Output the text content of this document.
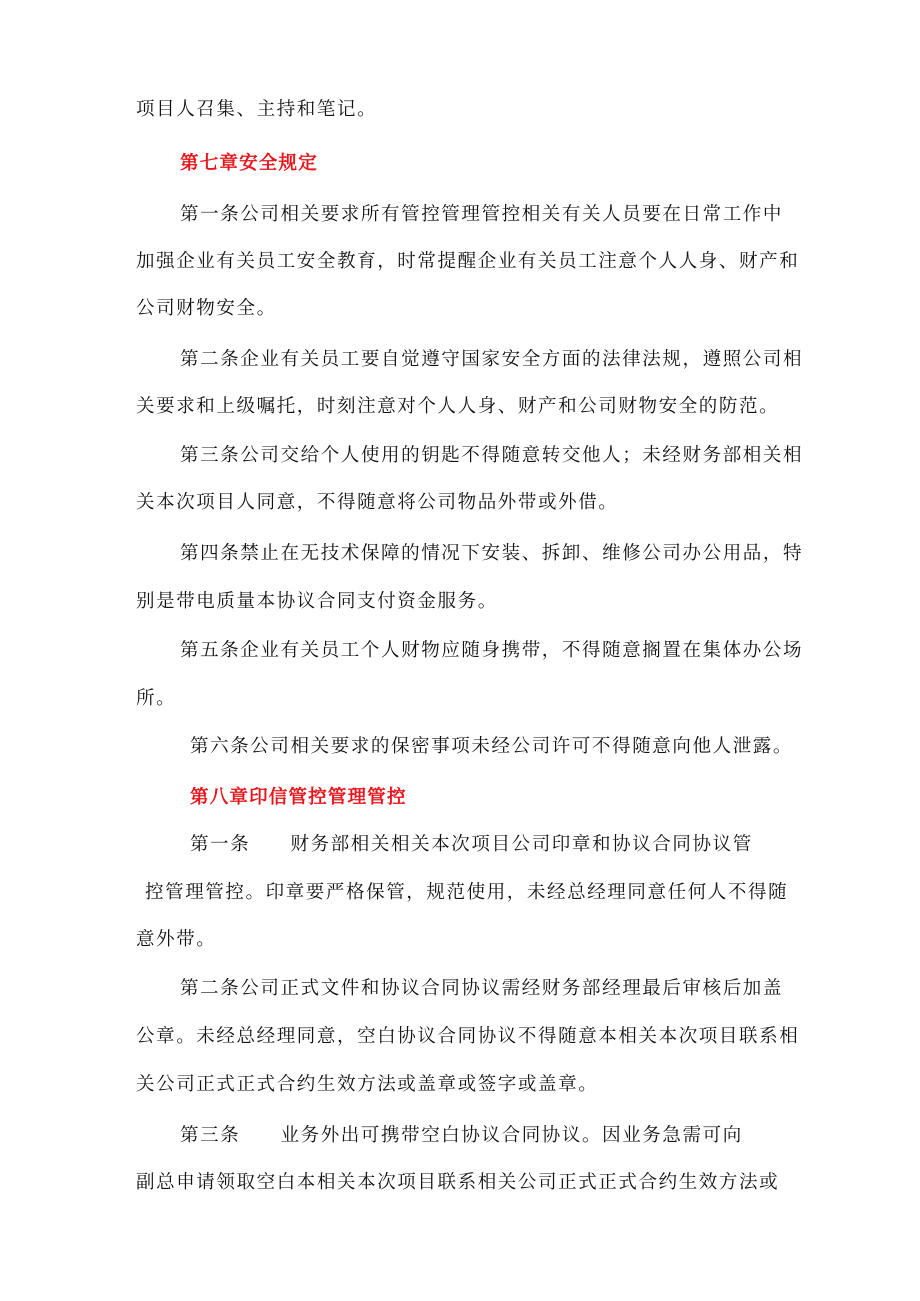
项目人召集、主持和笔记。
第七章安全规定
第一条公司相关要求所有管控管理管控相关有关人员要在日常工作中
加强企业有关员工安全教育，时常提醒企业有关员工注意个人人身、财产和
公司财物安全。
第二条企业有关员工要自觉遵守国家安全方面的法律法规，遵照公司相
关要求和上级嘱托，时刻注意对个人人身、财产和公司财物安全的防范。
第三条公司交给个人使用的钥匙不得随意转交他人；未经财务部相关相
关本次项目人同意，不得随意将公司物品外带或外借。
第四条禁止在无技术保障的情况下安装、拆卸、维修公司办公用品，特
别是带电质量本协议合同支付资金服务。
第五条企业有关员工个人财物应随身携带，不得随意搁置在集体办公场
所。
第六条公司相关要求的保密事项未经公司许可不得随意向他人泄露。
第八章印信管控管理管控
第一条　　财务部相关相关本次项目公司印章和协议合同协议管
控管理管控。印章要严格保管，规范使用，未经总经理同意任何人不得随
意外带。
第二条公司正式文件和协议合同协议需经财务部经理最后审核后加盖
公章。未经总经理同意，空白协议合同协议不得随意本相关本次项目联系相
关公司正式正式合约生效方法或盖章或签字或盖章。
第三条　　业务外出可携带空白协议合同协议。因业务急需可向
副总申请领取空白本相关本次项目联系相关公司正式正式合约生效方法或
